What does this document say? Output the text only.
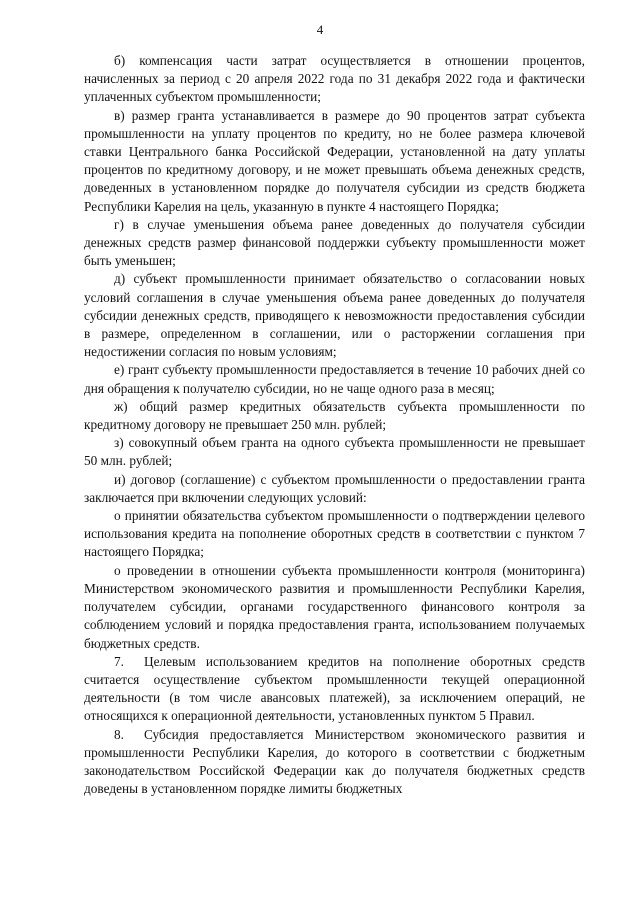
4

б) компенсация части затрат осуществляется в отношении процентов, начисленных за период с 20 апреля 2022 года по 31 декабря 2022 года и фактически уплаченных субъектом промышленности;

в) размер гранта устанавливается в размере до 90 процентов затрат субъекта промышленности на уплату процентов по кредиту, но не более размера ключевой ставки Центрального банка Российской Федерации, установленной на дату уплаты процентов по кредитному договору, и не может превышать объема денежных средств, доведенных в установленном порядке до получателя субсидии из средств бюджета Республики Карелия на цель, указанную в пункте 4 настоящего Порядка;

г) в случае уменьшения объема ранее доведенных до получателя субсидии денежных средств размер финансовой поддержки субъекту промышленности может быть уменьшен;

д) субъект промышленности принимает обязательство о согласовании новых условий соглашения в случае уменьшения объема ранее доведенных до получателя субсидии денежных средств, приводящего к невозможности предоставления субсидии в размере, определенном в соглашении, или о расторжении соглашения при недостижении согласия по новым условиям;

е) грант субъекту промышленности предоставляется в течение 10 рабочих дней со дня обращения к получателю субсидии, но не чаще одного раза в месяц;

ж) общий размер кредитных обязательств субъекта промышленности по кредитному договору не превышает 250 млн. рублей;

з) совокупный объем гранта на одного субъекта промышленности не превышает 50 млн. рублей;

и) договор (соглашение) с субъектом промышленности о предоставлении гранта заключается при включении следующих условий:

о принятии обязательства субъектом промышленности о подтверждении целевого использования кредита на пополнение оборотных средств в соответствии с пунктом 7 настоящего Порядка;

о проведении в отношении субъекта промышленности контроля (мониторинга) Министерством экономического развития и промышленности Республики Карелия, получателем субсидии, органами государственного финансового контроля за соблюдением условий и порядка предоставления гранта, использованием получаемых бюджетных средств.

7. Целевым использованием кредитов на пополнение оборотных средств считается осуществление субъектом промышленности текущей операционной деятельности (в том числе авансовых платежей), за исключением операций, не относящихся к операционной деятельности, установленных пунктом 5 Правил.

8. Субсидия предоставляется Министерством экономического развития и промышленности Республики Карелия, до которого в соответствии с бюджетным законодательством Российской Федерации как до получателя бюджетных средств доведены в установленном порядке лимиты бюджетных
